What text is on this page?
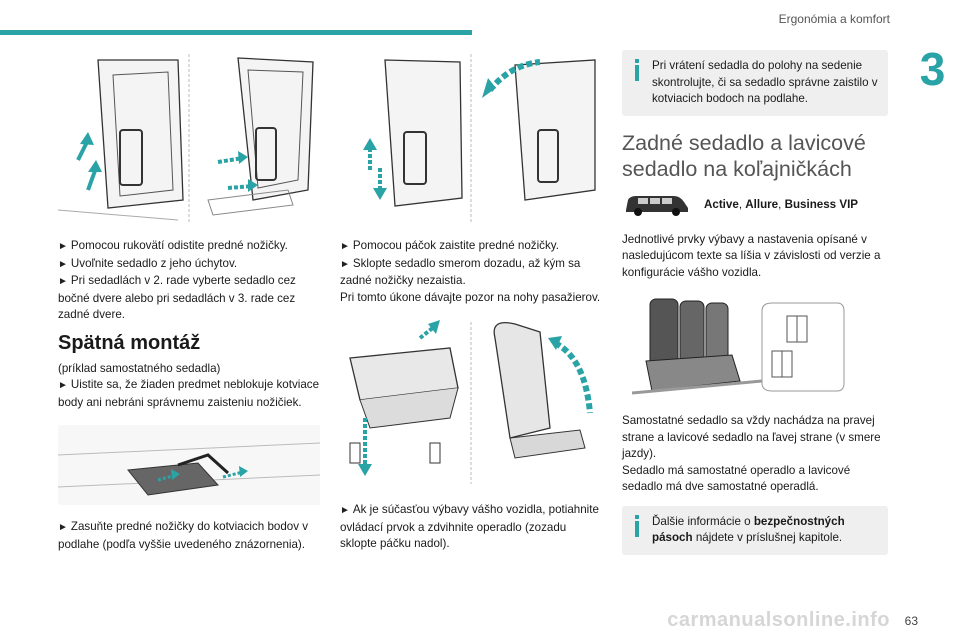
Ergonómia a komfort
3

► Pomocou rukovätí odistite predné nožičky.
► Uvoľnite sedadlo z jeho úchytov.
► Pri sedadlách v 2. rade vyberte sedadlo cez bočné dvere alebo pri sedadlách v 3. rade cez zadné dvere.

Spätná montáž

(príklad samostatného sedadla)
► Uistite sa, že žiaden predmet neblokuje kotviace body ani nebráni správnemu zaisteniu nožičiek.

► Zasuňte predné nožičky do kotviacich bodov v podlahe (podľa vyššie uvedeného znázornenia).

► Pomocou páčok zaistite predné nožičky.
► Sklopte sedadlo smerom dozadu, až kým sa zadné nožičky nezaistia.
Pri tomto úkone dávajte pozor na nohy pasažierov.

► Ak je súčasťou výbavy vášho vozidla, potiahnite ovládací prvok a zdvihnite operadlo (zozadu sklopte páčku nadol).

Pri vrátení sedadla do polohy na sedenie skontrolujte, či sa sedadlo správne zaistilo v kotviacich bodoch na podlahe.
Zadné sedadlo a lavicové sedadlo na koľajničkách
Active, Allure, Business VIP

Jednotlivé prvky výbavy a nastavenia opísané v nasledujúcom texte sa líšia v závislosti od verzie a konfigurácie vášho vozidla.

Samostatné sedadlo sa vždy nachádza na pravej strane a lavicové sedadlo na ľavej strane (v smere jazdy).
Sedadlo má samostatné operadlo a lavicové sedadlo má dve samostatné operadlá.

Ďalšie informácie o bezpečnostných pásoch nájdete v príslušnej kapitole.
carmanualsonline.info 63
